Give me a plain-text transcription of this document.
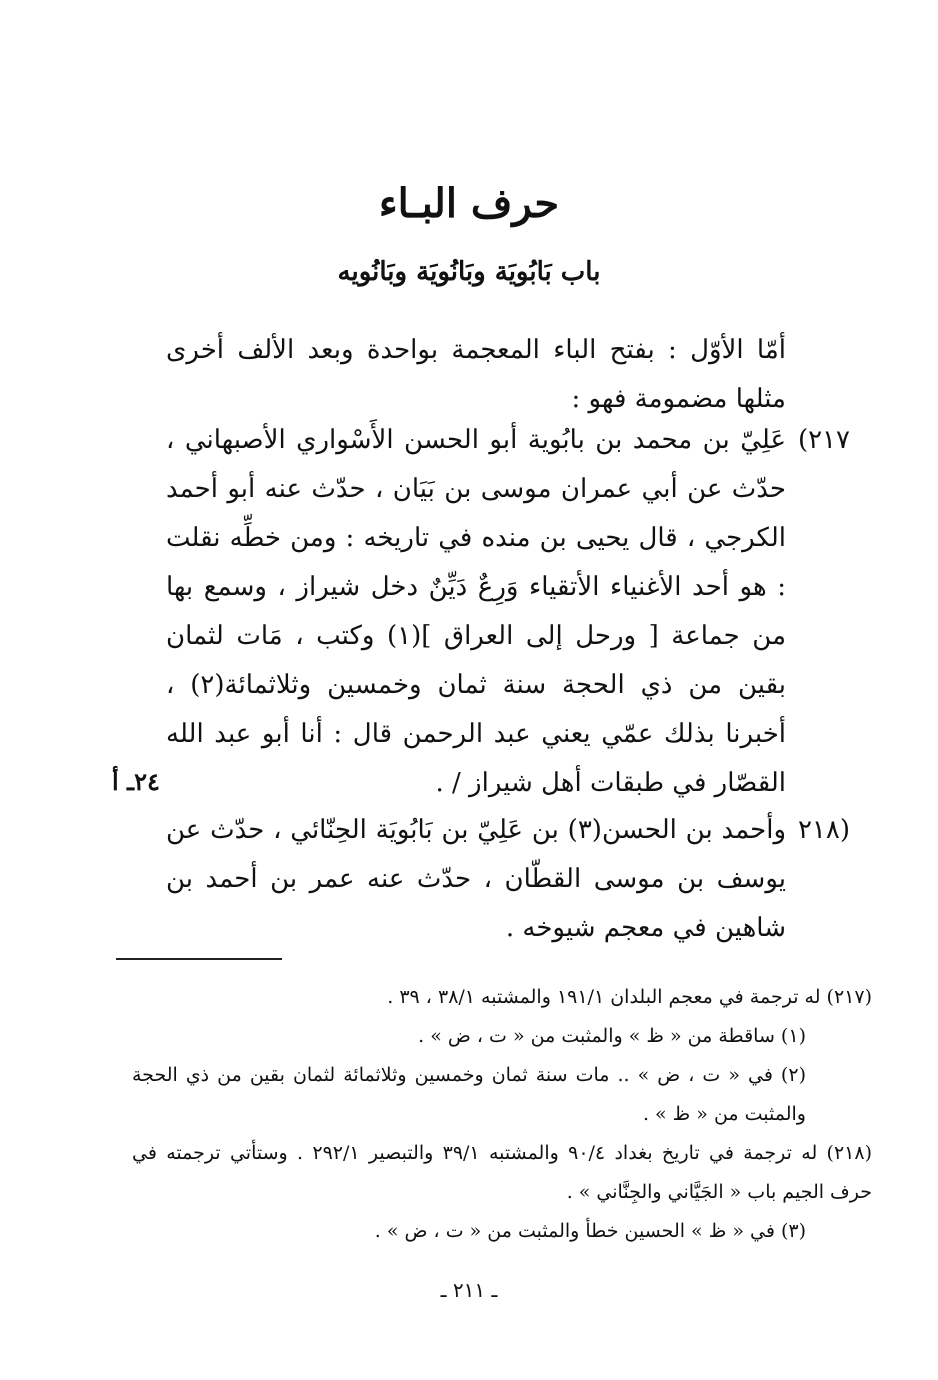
حرف البـاء
باب بَابُويَة وبَانُويَة وبَانُويه
أمّا الأوّل : بفتح الباء المعجمة بواحدة وبعد الألف أخرى مثلها مضمومة فهو :
٢١٧)
عَلِيّ بن محمد بن بابُوية أبو الحسن الأَسْواري الأصبهاني ، حدّث عن أبي عمران موسى بن بَيَان ، حدّث عنه أبو أحمد الكرجي ، قال يحيى بن منده في تاريخه : ومن خطِّه نقلت : هو أحد الأغنياء الأتقياء وَرِعٌ دَيِّنٌ دخل شيراز ، وسمع بها من جماعة [ ورحل إلى العراق ](١) وكتب ، مَات لثمان بقين من ذي الحجة سنة ثمان وخمسين وثلاثمائة(٢) ، أخبرنا بذلك عمّي يعني عبد الرحمن قال : أنا أبو عبد الله القصّار في طبقات أهل شيراز / .
٢٤ـ أ
(٢١٨
وأحمد بن الحسن(٣) بن عَلِيّ بن بَابُويَة الحِنّائي ، حدّث عن يوسف بن موسى القطّان ، حدّث عنه عمر بن أحمد بن شاهين في معجم شيوخه .
(٢١٧) له ترجمة في معجم البلدان ١٩١/١ والمشتبه ٣٨/١ ، ٣٩ .
(١) ساقطة من « ظ » والمثبت من « ت ، ض » .
(٢) في « ت ، ض » .. مات سنة ثمان وخمسين وثلاثمائة لثمان بقين من ذي الحجة والمثبت من « ظ » .
(٢١٨) له ترجمة في تاريخ بغداد ٩٠/٤ والمشتبه ٣٩/١ والتبصير ٢٩٢/١ . وستأتي ترجمته في حرف الجيم باب « الجَيَّاني والجِنَّاني » .
(٣) في « ظ » الحسين خطأ والمثبت من « ت ، ض » .
ـ ٢١١ ـ
